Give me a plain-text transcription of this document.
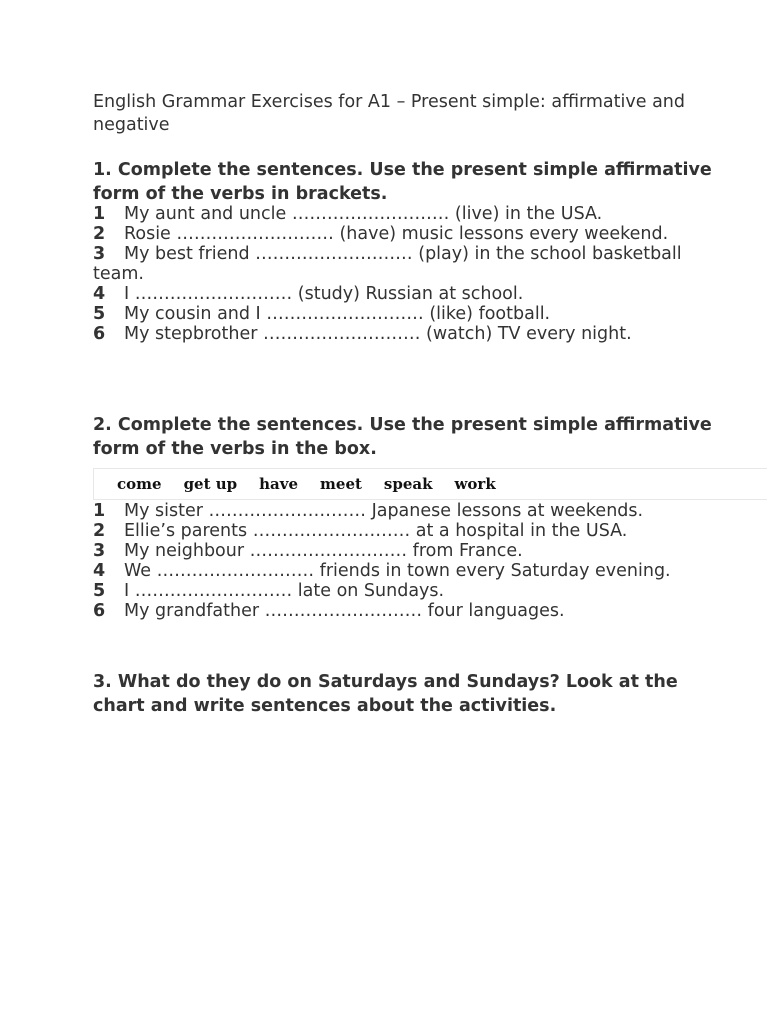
English Grammar Exercises for A1 – Present simple: affirmative and negative
1. Complete the sentences. Use the present simple affirmative form of the verbs in brackets.
1 My aunt and uncle ……………………… (live) in the USA.
2 Rosie ……………………… (have) music lessons every weekend.
3 My best friend ……………………… (play) in the school basketball team.
4 I ……………………… (study) Russian at school.
5 My cousin and I ……………………… (like) football.
6 My stepbrother ……………………… (watch) TV every night.
2. Complete the sentences. Use the present simple affirmative form of the verbs in the box.
come get up have meet speak work
1 My sister ……………………… Japanese lessons at weekends.
2 Ellie’s parents ……………………… at a hospital in the USA.
3 My neighbour ……………………… from France.
4 We ……………………… friends in town every Saturday evening.
5 I ……………………… late on Sundays.
6 My grandfather ……………………… four languages.
3. What do they do on Saturdays and Sundays? Look at the chart and write sentences about the activities.
